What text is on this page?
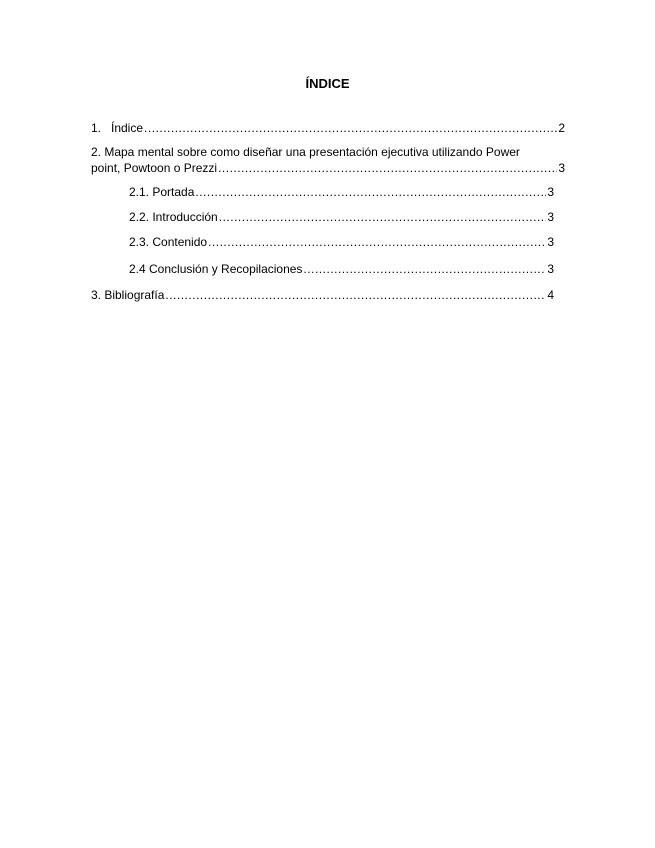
ÍNDICE
1. Índice .....	2
2. Mapa mental sobre como diseñar una presentación ejecutiva utilizando Power
point, Powtoon o Prezzi .....	3
2.1. Portada .....	3
2.2. Introducción .....	3
2.3. Contenido .....	3
2.4 Conclusión y Recopilaciones .....	3
3. Bibliografía .....	4
